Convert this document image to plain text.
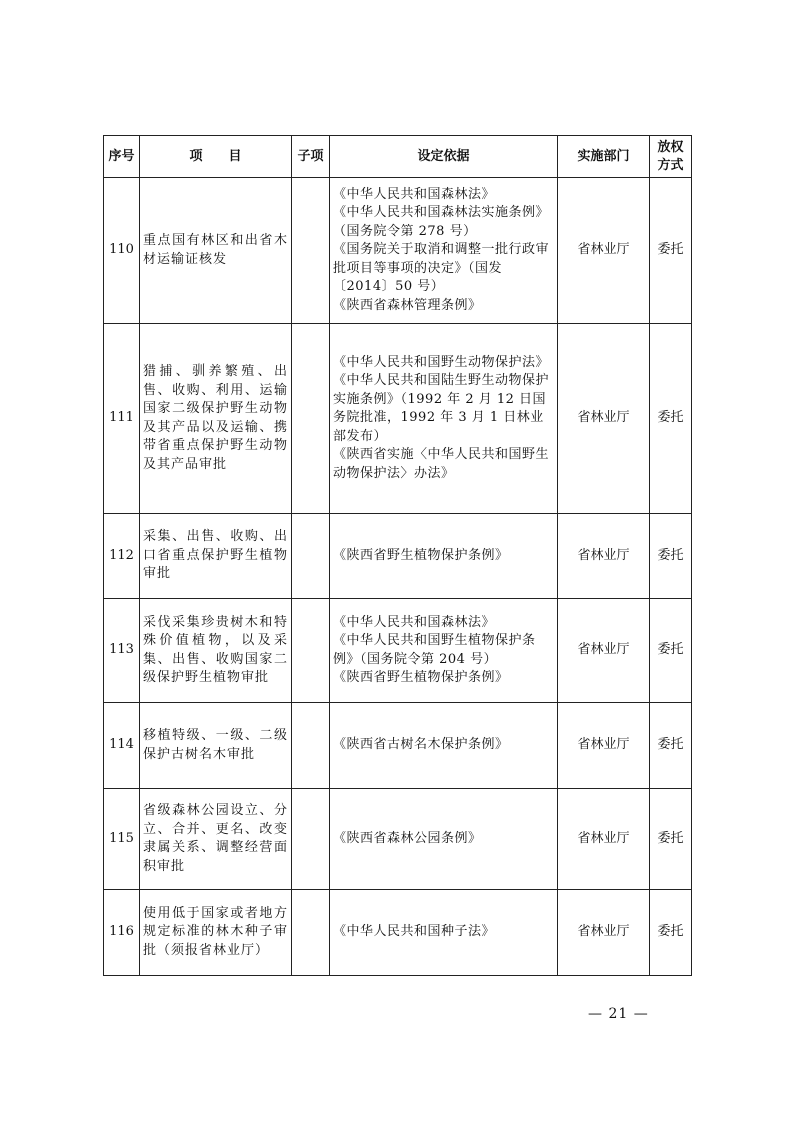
序号	项　　目	子项	设定依据	实施部门	放权
方式

110	重点国有林区和出省木材运输证核发		《中华人民共和国森林法》
《中华人民共和国森林法实施条例》（国务院令第 278 号）
《国务院关于取消和调整一批行政审批项目等事项的决定》（国发〔2014〕50 号）
《陕西省森林管理条例》	省林业厅	委托
111	猎捕、驯养繁殖、出售、收购、利用、运输国家二级保护野生动物及其产品以及运输、携带省重点保护野生动物及其产品审批		《中华人民共和国野生动物保护法》
《中华人民共和国陆生野生动物保护实施条例》（1992 年 2 月 12 日国务院批准，1992 年 3 月 1 日林业部发布）
《陕西省实施〈中华人民共和国野生动物保护法〉办法》	省林业厅	委托
112	采集、出售、收购、出口省重点保护野生植物审批		《陕西省野生植物保护条例》	省林业厅	委托
113	采伐采集珍贵树木和特殊价值植物，以及采集、出售、收购国家二级保护野生植物审批		《中华人民共和国森林法》
《中华人民共和国野生植物保护条例》（国务院令第 204 号）
《陕西省野生植物保护条例》	省林业厅	委托
114	移植特级、一级、二级保护古树名木审批		《陕西省古树名木保护条例》	省林业厅	委托
115	省级森林公园设立、分立、合并、更名、改变隶属关系、调整经营面积审批		《陕西省森林公园条例》	省林业厅	委托
116	使用低于国家或者地方规定标准的林木种子审批（须报省林业厅）		《中华人民共和国种子法》	省林业厅	委托
— 21 —
